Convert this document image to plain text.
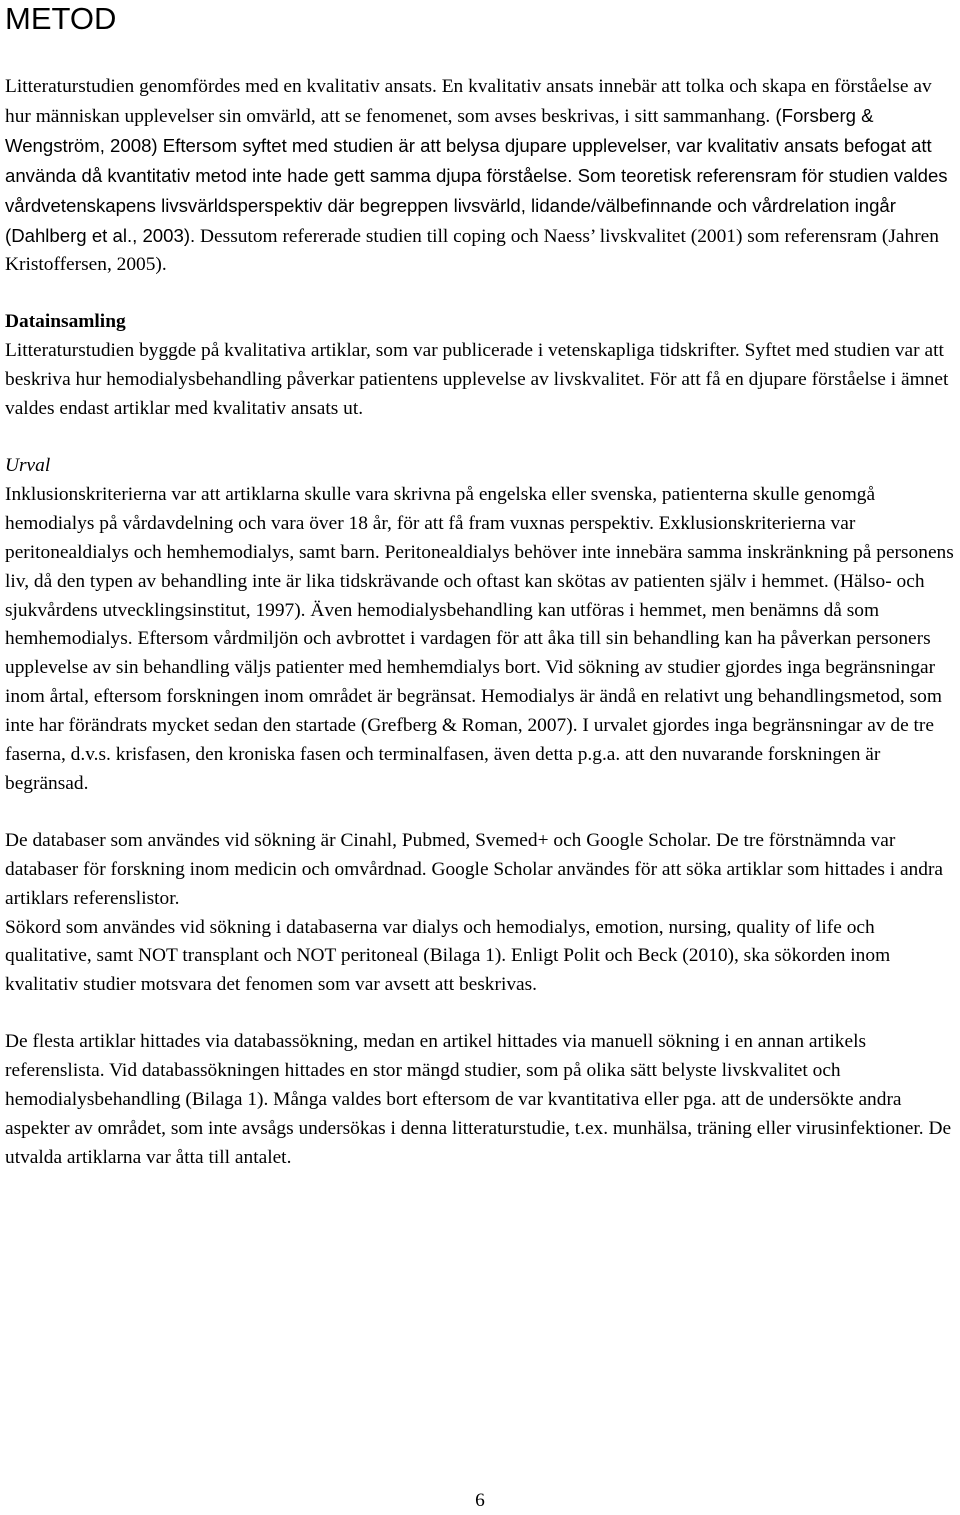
METOD

Litteraturstudien genomfördes med en kvalitativ ansats. En kvalitativ ansats innebär att tolka och skapa en förståelse av hur människan upplevelser sin omvärld, att se fenomenet, som avses beskrivas, i sitt sammanhang. (Forsberg & Wengström, 2008) Eftersom syftet med studien är att belysa djupare upplevelser, var kvalitativ ansats befogat att använda då kvantitativ metod inte hade gett samma djupa förståelse. Som teoretisk referensram för studien valdes vårdvetenskapens livsvärldsperspektiv där begreppen livsvärld, lidande/välbefinnande och vårdrelation ingår (Dahlberg et al., 2003). Dessutom refererade studien till coping och Naess’ livskvalitet (2001) som referensram (Jahren Kristoffersen, 2005).

Datainsamling

Litteraturstudien byggde på kvalitativa artiklar, som var publicerade i vetenskapliga tidskrifter. Syftet med studien var att beskriva hur hemodialysbehandling påverkar patientens upplevelse av livskvalitet. För att få en djupare förståelse i ämnet valdes endast artiklar med kvalitativ ansats ut.

Urval

Inklusionskriterierna var att artiklarna skulle vara skrivna på engelska eller svenska, patienterna skulle genomgå hemodialys på vårdavdelning och vara över 18 år, för att få fram vuxnas perspektiv. Exklusionskriterierna var peritonealdialys och hemhemodialys, samt barn. Peritonealdialys behöver inte innebära samma inskränkning på personens liv, då den typen av behandling inte är lika tidskrävande och oftast kan skötas av patienten själv i hemmet. (Hälso- och sjukvårdens utvecklingsinstitut, 1997). Även hemodialysbehandling kan utföras i hemmet, men benämns då som hemhemodialys. Eftersom vårdmiljön och avbrottet i vardagen för att åka till sin behandling kan ha påverkan personers upplevelse av sin behandling väljs patienter med hemhemdialys bort. Vid sökning av studier gjordes inga begränsningar inom årtal, eftersom forskningen inom området är begränsat. Hemodialys är ändå en relativt ung behandlingsmetod, som inte har förändrats mycket sedan den startade (Grefberg & Roman, 2007). I urvalet gjordes inga begränsningar av de tre faserna, d.v.s. krisfasen, den kroniska fasen och terminalfasen, även detta p.g.a. att den nuvarande forskningen är begränsad.

De databaser som användes vid sökning är Cinahl, Pubmed, Svemed+ och Google Scholar. De tre förstnämnda var databaser för forskning inom medicin och omvårdnad. Google Scholar användes för att söka artiklar som hittades i andra artiklars referenslistor.

Sökord som användes vid sökning i databaserna var dialys och hemodialys, emotion, nursing, quality of life och qualitative, samt NOT transplant och NOT peritoneal (Bilaga 1). Enligt Polit och Beck (2010), ska sökorden inom kvalitativ studier motsvara det fenomen som var avsett att beskrivas.

De flesta artiklar hittades via databassökning, medan en artikel hittades via manuell sökning i en annan artikels referenslista. Vid databassökningen hittades en stor mängd studier, som på olika sätt belyste livskvalitet och hemodialysbehandling (Bilaga 1). Många valdes bort eftersom de var kvantitativa eller pga. att de undersökte andra aspekter av området, som inte avsågs undersökas i denna litteraturstudie, t.ex. munhälsa, träning eller virusinfektioner. De utvalda artiklarna var åtta till antalet.

6
